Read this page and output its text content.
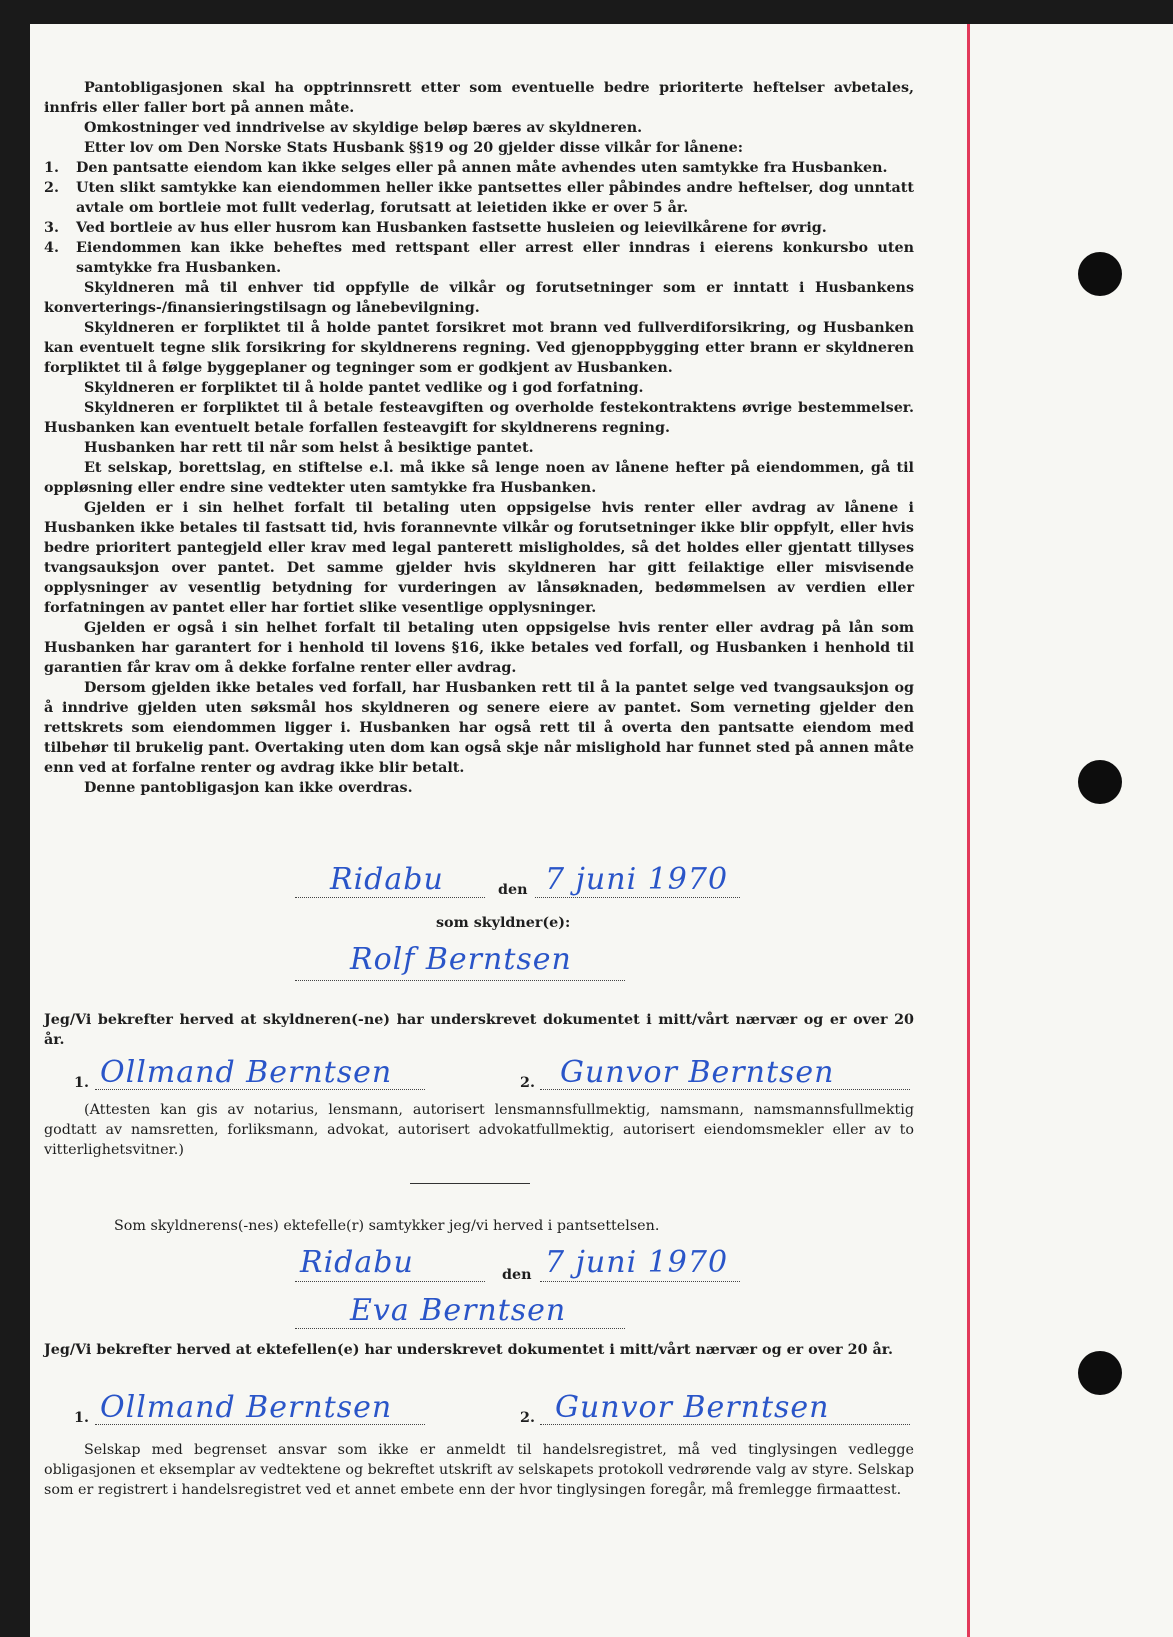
Pantobligasjonen skal ha opptrinnsrett etter som eventuelle bedre prioriterte heftelser avbetales, innfris eller faller bort på annen måte.

Omkostninger ved inndrivelse av skyldige beløp bæres av skyldneren.

Etter lov om Den Norske Stats Husbank §§19 og 20 gjelder disse vilkår for lånene:

1.	Den pantsatte eiendom kan ikke selges eller på annen måte avhendes uten samtykke fra Husbanken.
2.	Uten slikt samtykke kan eiendommen heller ikke pantsettes eller påbindes andre heftelser, dog unntatt avtale om bortleie mot fullt vederlag, forutsatt at leietiden ikke er over 5 år.
3.	Ved bortleie av hus eller husrom kan Husbanken fastsette husleien og leievilkårene for øvrig.
4.	Eiendommen kan ikke beheftes med rettspant eller arrest eller inndras i eierens konkursbo uten samtykke fra Husbanken.

Skyldneren må til enhver tid oppfylle de vilkår og forutsetninger som er inntatt i Husbankens konverterings-/finansieringstilsagn og lånebevilgning.

Skyldneren er forpliktet til å holde pantet forsikret mot brann ved fullverdiforsikring, og Husbanken kan eventuelt tegne slik forsikring for skyldnerens regning. Ved gjenoppbygging etter brann er skyldneren forpliktet til å følge byggeplaner og tegninger som er godkjent av Husbanken.

Skyldneren er forpliktet til å holde pantet vedlike og i god forfatning.

Skyldneren er forpliktet til å betale festeavgiften og overholde festekontraktens øvrige bestemmelser. Husbanken kan eventuelt betale forfallen festeavgift for skyldnerens regning.

Husbanken har rett til når som helst å besiktige pantet.

Et selskap, borettslag, en stiftelse e.l. må ikke så lenge noen av lånene hefter på eiendommen, gå til oppløsning eller endre sine vedtekter uten samtykke fra Husbanken.

Gjelden er i sin helhet forfalt til betaling uten oppsigelse hvis renter eller avdrag av lånene i Husbanken ikke betales til fastsatt tid, hvis forannevnte vilkår og forutsetninger ikke blir oppfylt, eller hvis bedre prioritert pantegjeld eller krav med legal panterett misligholdes, så det holdes eller gjentatt tillyses tvangsauksjon over pantet. Det samme gjelder hvis skyldneren har gitt feilaktige eller misvisende opplysninger av vesentlig betydning for vurderingen av lånsøknaden, bedømmelsen av verdien eller forfatningen av pantet eller har fortiet slike vesentlige opplysninger.

Gjelden er også i sin helhet forfalt til betaling uten oppsigelse hvis renter eller avdrag på lån som Husbanken har garantert for i henhold til lovens §16, ikke betales ved forfall, og Husbanken i henhold til garantien får krav om å dekke forfalne renter eller avdrag.

Dersom gjelden ikke betales ved forfall, har Husbanken rett til å la pantet selge ved tvangsauksjon og å inndrive gjelden uten søksmål hos skyldneren og senere eiere av pantet. Som verneting gjelder den rettskrets som eiendommen ligger i. Husbanken har også rett til å overta den pantsatte eiendom med tilbehør til brukelig pant. Overtaking uten dom kan også skje når mislighold har funnet sted på annen måte enn ved at forfalne renter og avdrag ikke blir betalt.

Denne pantobligasjon kan ikke overdras.

Ridabu	den 7 juni 1970
som skyldner(e):
Rolf Berntsen
Jeg/Vi bekrefter herved at skyldneren(-ne) har underskrevet dokumentet i mitt/vårt nærvær og er over 20 år.
1. Ollmand Berntsen	2. Gunvor Berntsen
(Attesten kan gis av notarius, lensmann, autorisert lensmannsfullmektig, namsmann, namsmannsfullmektig godtatt av namsretten, forliksmann, advokat, autorisert advokatfullmektig, autorisert eiendomsmekler eller av to vitterlighetsvitner.)
Som skyldnerens(-nes) ektefelle(r) samtykker jeg/vi herved i pantsettelsen.
Ridabu	den 7 juni 1970
Eva Berntsen
Jeg/Vi bekrefter herved at ektefellen(e) har underskrevet dokumentet i mitt/vårt nærvær og er over 20 år.
1. Ollmand Berntsen	2. Gunvor Berntsen
Selskap med begrenset ansvar som ikke er anmeldt til handelsregistret, må ved tinglysingen vedlegge obligasjonen et eksemplar av vedtektene og bekreftet utskrift av selskapets protokoll vedrørende valg av styre. Selskap som er registrert i handelsregistret ved et annet embete enn der hvor tinglysingen foregår, må fremlegge firmaattest.
